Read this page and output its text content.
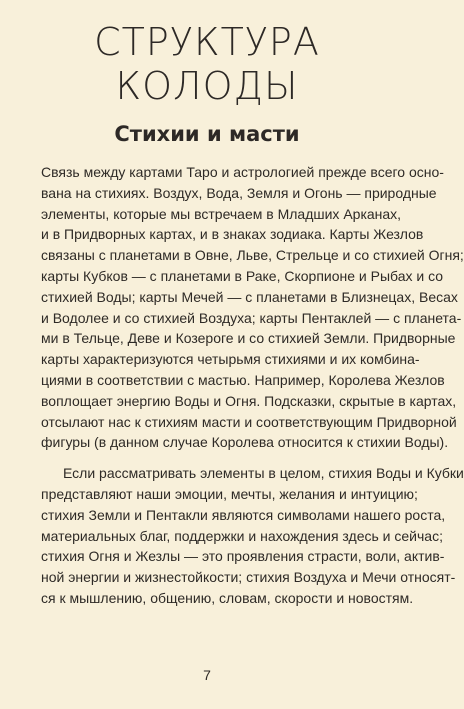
СТРУКТУРА
КОЛОДЫ
Стихии и масти
Связь между картами Таро и астрологией прежде всего осно-
вана на стихиях. Воздух, Вода, Земля и Огонь — природные
элементы, которые мы встречаем в Младших Арканах,
и в Придворных картах, и в знаках зодиака. Карты Жезлов
связаны с планетами в Овне, Льве, Стрельце и со стихией Огня;
карты Кубков — с планетами в Раке, Скорпионе и Рыбах и со
стихией Воды; карты Мечей — с планетами в Близнецах, Весах
и Водолее и со стихией Воздуха; карты Пентаклей — с планета-
ми в Тельце, Деве и Козероге и со стихией Земли. Придворные
карты характеризуются четырьмя стихиями и их комбина-
циями в соответствии с мастью. Например, Королева Жезлов
воплощает энергию Воды и Огня. Подсказки, скрытые в картах,
отсылают нас к стихиям масти и соответствующим Придворной
фигуры (в данном случае Королева относится к стихии Воды).
Если рассматривать элементы в целом, стихия Воды и Кубки
представляют наши эмоции, мечты, желания и интуицию;
стихия Земли и Пентакли являются символами нашего роста,
материальных благ, поддержки и нахождения здесь и сейчас;
стихия Огня и Жезлы — это проявления страсти, воли, актив-
ной энергии и жизнестойкости; стихия Воздуха и Мечи относят-
ся к мышлению, общению, словам, скорости и новостям.
7
